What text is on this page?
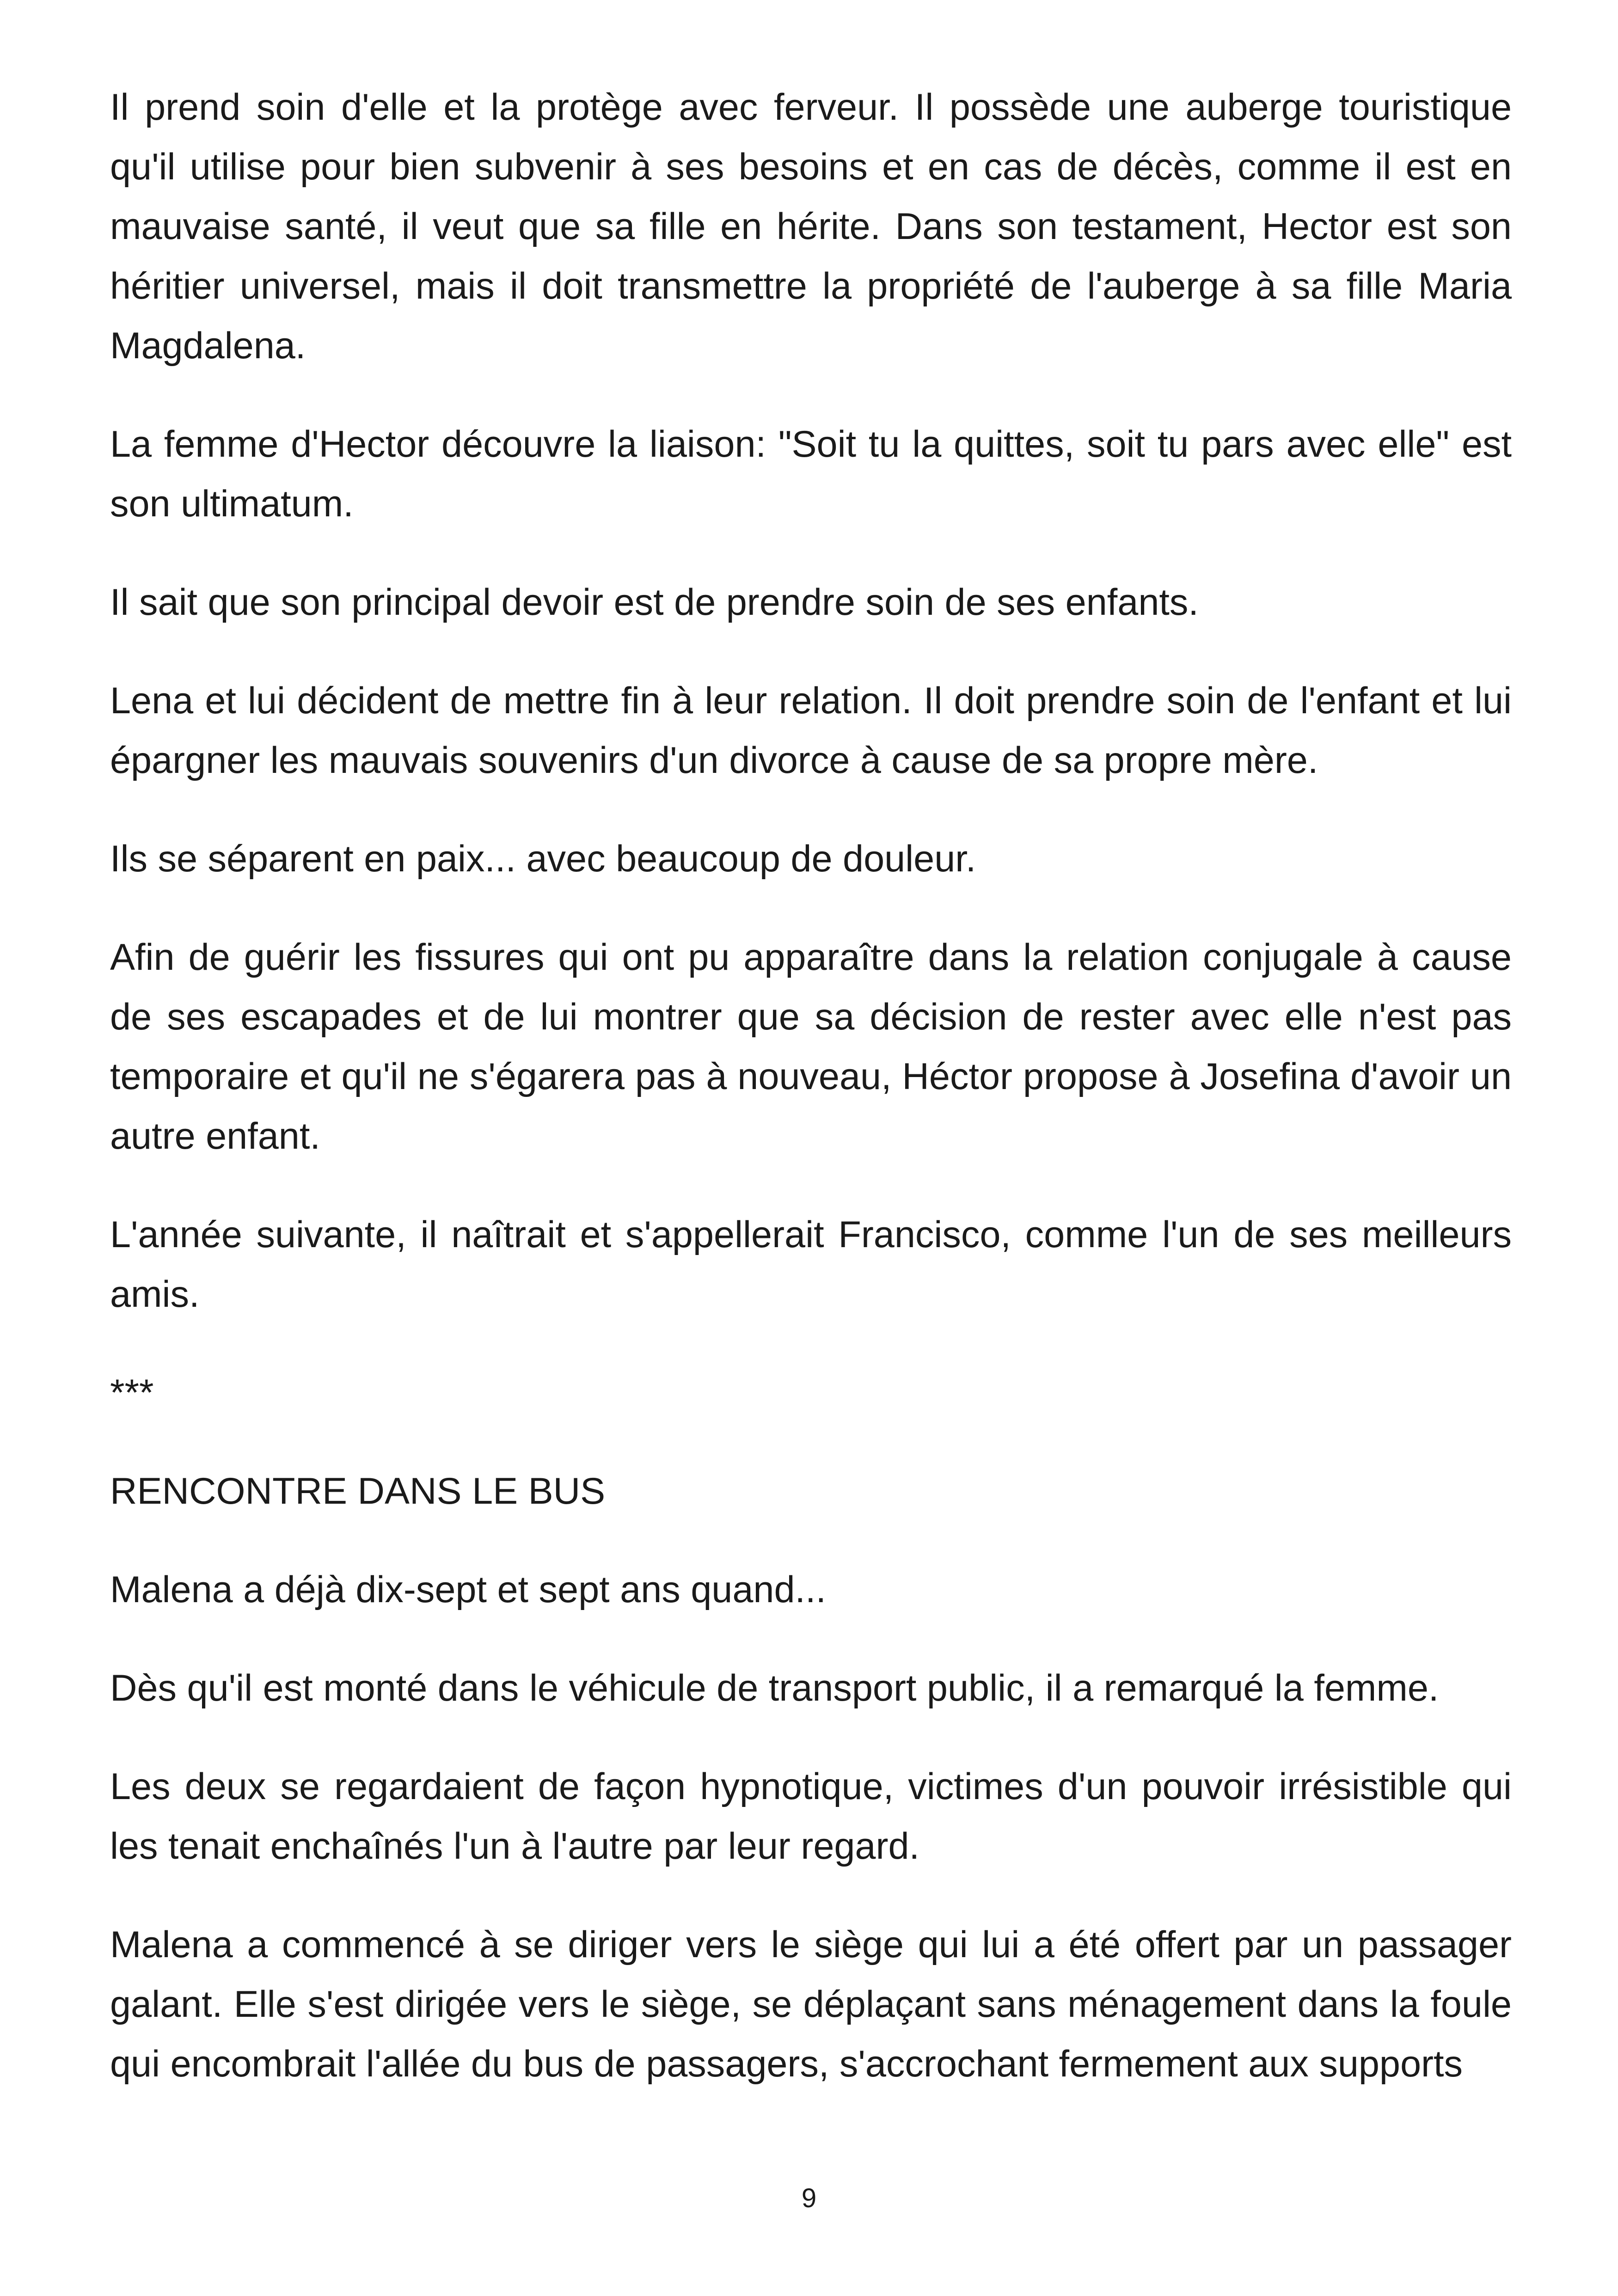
Il prend soin d'elle et la protège avec ferveur. Il possède une auberge touristique qu'il utilise pour bien subvenir à ses besoins et en cas de décès, comme il est en mauvaise santé, il veut que sa fille en hérite. Dans son testament, Hector est son héritier universel, mais il doit transmettre la propriété de l'auberge à sa fille Maria Magdalena.

La femme d'Hector découvre la liaison: "Soit tu la quittes, soit tu pars avec elle" est son ultimatum.

Il sait que son principal devoir est de prendre soin de ses enfants.

Lena et lui décident de mettre fin à leur relation. Il doit prendre soin de l'enfant et lui épargner les mauvais souvenirs d'un divorce à cause de sa propre mère.

Ils se séparent en paix... avec beaucoup de douleur.

Afin de guérir les fissures qui ont pu apparaître dans la relation conjugale à cause de ses escapades et de lui montrer que sa décision de rester avec elle n'est pas temporaire et qu'il ne s'égarera pas à nouveau, Héctor propose à Josefina d'avoir un autre enfant.

L'année suivante, il naîtrait et s'appellerait Francisco, comme l'un de ses meilleurs amis.

***

RENCONTRE DANS LE BUS

Malena a déjà dix-sept et sept ans quand...

Dès qu'il est monté dans le véhicule de transport public, il a remarqué la femme.

Les deux se regardaient de façon hypnotique, victimes d'un pouvoir irrésistible qui les tenait enchaînés l'un à l'autre par leur regard.

Malena a commencé à se diriger vers le siège qui lui a été offert par un passager galant. Elle s'est dirigée vers le siège, se déplaçant sans ménagement dans la foule qui encombrait l'allée du bus de passagers, s'accrochant fermement aux supports

9
